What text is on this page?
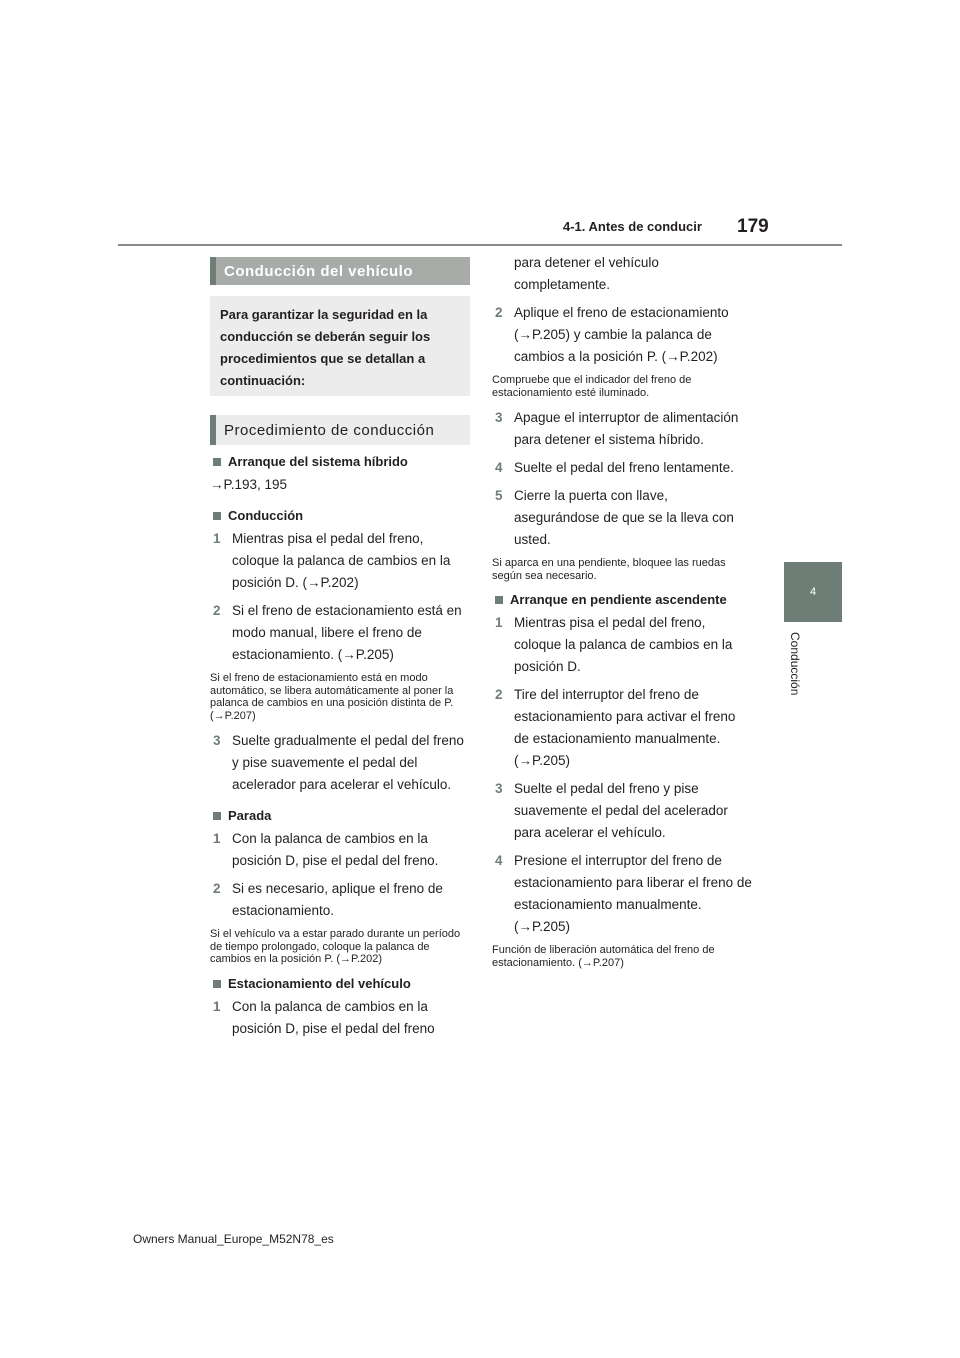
4-1. Antes de conducir 179
4
Conducción
Conducción del vehículo
Para garantizar la seguridad en la conducción se deberán seguir los procedimientos que se detallan a continuación:
Procedimiento de conducción
Arranque del sistema híbrido
→P.193, 195
Conducción
1 Mientras pisa el pedal del freno, coloque la palanca de cambios en la posición D. (→P.202)
2 Si el freno de estacionamiento está en modo manual, libere el freno de estacionamiento. (→P.205)
Si el freno de estacionamiento está en modo automático, se libera automáticamente al poner la palanca de cambios en una posición distinta de P. (→P.207)
3 Suelte gradualmente el pedal del freno y pise suavemente el pedal del acelerador para acelerar el vehículo.
Parada
1 Con la palanca de cambios en la posición D, pise el pedal del freno.
2 Si es necesario, aplique el freno de estacionamiento.
Si el vehículo va a estar parado durante un período de tiempo prolongado, coloque la palanca de cambios en la posición P. (→P.202)
Estacionamiento del vehículo
1 Con la palanca de cambios en la posición D, pise el pedal del freno
para detener el vehículo completamente.
2 Aplique el freno de estacionamiento (→P.205) y cambie la palanca de cambios a la posición P. (→P.202)
Compruebe que el indicador del freno de estacionamiento esté iluminado.
3 Apague el interruptor de alimentación para detener el sistema híbrido.
4 Suelte el pedal del freno lentamente.
5 Cierre la puerta con llave, asegurándose de que se la lleva con usted.
Si aparca en una pendiente, bloquee las ruedas según sea necesario.
Arranque en pendiente ascendente
1 Mientras pisa el pedal del freno, coloque la palanca de cambios en la posición D.
2 Tire del interruptor del freno de estacionamiento para activar el freno de estacionamiento manualmente. (→P.205)
3 Suelte el pedal del freno y pise suavemente el pedal del acelerador para acelerar el vehículo.
4 Presione el interruptor del freno de estacionamiento para liberar el freno de estacionamiento manualmente. (→P.205)
Función de liberación automática del freno de estacionamiento. (→P.207)
Owners Manual_Europe_M52N78_es
